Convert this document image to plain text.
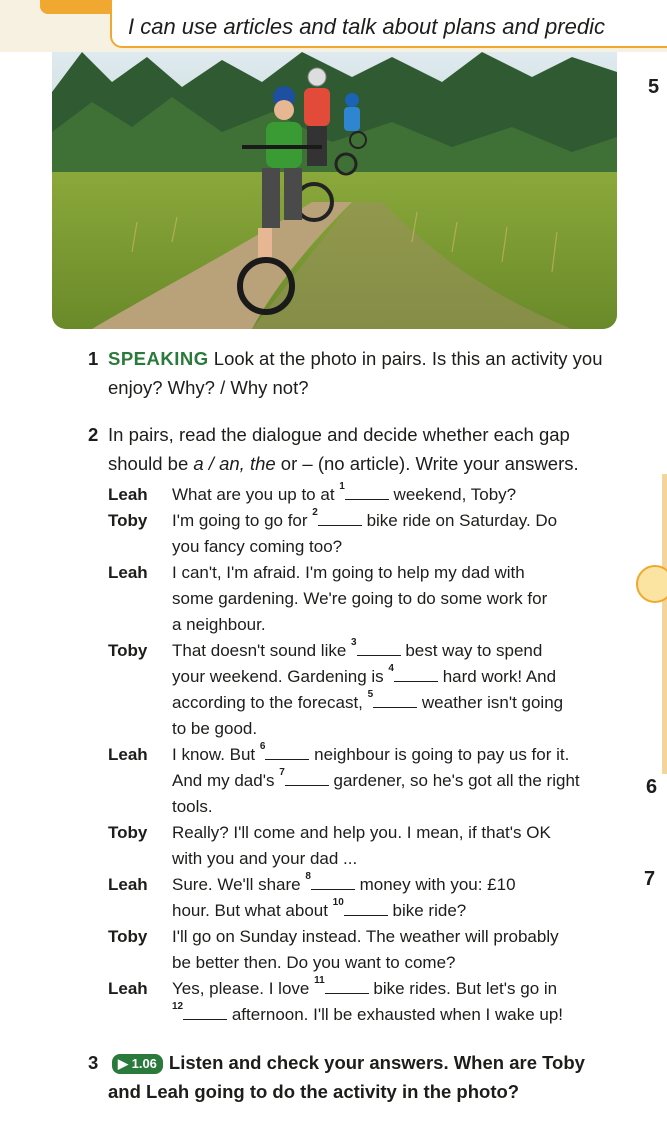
I can use articles and talk about plans and predic
5
6
7
1 SPEAKING Look at the photo in pairs. Is this an activity you
enjoy? Why? / Why not?
2 In pairs, read the dialogue and decide whether each gap
should be a / an, the or – (no article). Write your answers.
Leah What are you up to at $^1$	weekend, Toby?
Toby I'm going to go for $^2$	bike ride on Saturday. Do
you fancy coming too?
Leah I can't, I'm afraid. I'm going to help my dad with
some gardening. We're going to do some work for
a neighbour.
Toby That doesn't sound like $^3$	best way to spend
your weekend. Gardening is $^4$	hard work! And
according to the forecast, $^5$	weather isn't going
to be good.
Leah I know. But $^6$	neighbour is going to pay us for it.
And my dad's $^7$	gardener, so he's got all the right
tools.
Toby Really? I'll come and help you. I mean, if that's OK
with you and your dad ...
Leah Sure. We'll share $^8$	money with you: £10
hour. But what about $^{10}$	bike ride?
Toby I'll go on Sunday instead. The weather will probably
be better then. Do you want to come?
Leah Yes, please. I love $^{11}$	bike rides. But let's go in
$^{12}$	afternoon. I'll be exhausted when I wake up!
3 ▶ 1.06 Listen and check your answers. When are Toby
and Leah going to do the activity in the photo?
